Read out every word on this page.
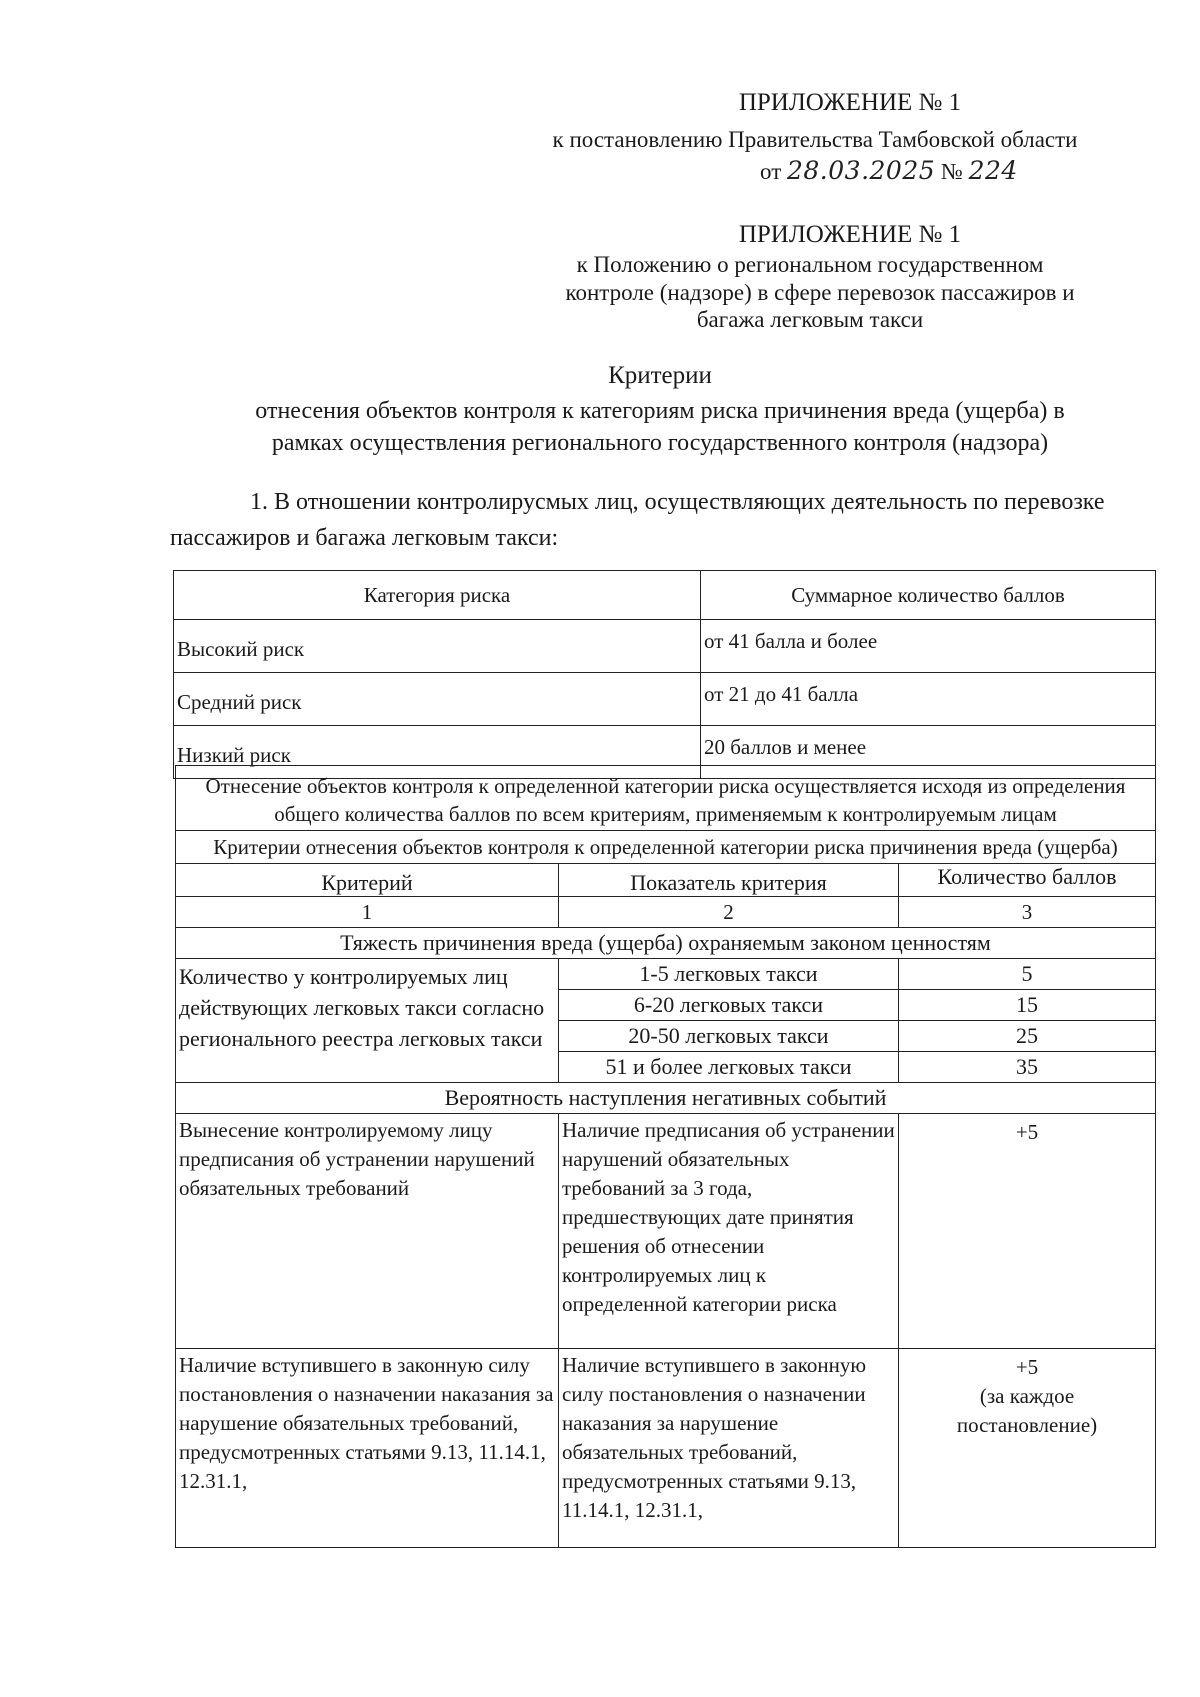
ПРИЛОЖЕНИЕ № 1
к постановлению Правительства Тамбовской области
от 28.03.2025 № 224
ПРИЛОЖЕНИЕ № 1
к Положению о региональном государственном
контроле (надзоре) в сфере перевозок пассажиров и
багажа легковым такси
Критерии
отнесения объектов контроля к категориям риска причинения вреда (ущерба) в
рамках осуществления регионального государственного контроля (надзора)
1. В отношении контролирусмых лиц, осуществляющих деятельность по перевозке пассажиров и багажа легковым такси:
Категория риска	Суммарное количество баллов
Высокий риск	от 41 балла и более
Средний риск	от 21 до 41 балла
Низкий риск	20 баллов и менее
Отнесение объектов контроля к определенной категории риска осуществляется исходя из определения общего количества баллов по всем критериям, применяемым к контролируемым лицам		
Критерии отнесения объектов контроля к определенной категории риска причинения вреда (ущерба)		
Критерий	Показатель критерия	Количество баллов
1	2	3
Тяжесть причинения вреда (ущерба) охраняемым законом ценностям		
Количество у контролируемых лиц действующих легковых такси согласно регионального реестра легковых такси	1-5 легковых такси	5
	6-20 легковых такси	15
	20-50 легковых такси	25
	51 и более легковых такси	35
Вероятность наступления негативных событий		
Вынесение контролируемому лицу предписания об устранении нарушений обязательных требований	Наличие предписания об устранении нарушений обязательных требований за 3 года, предшествующих дате принятия решения об отнесении контролируемых лиц к определенной категории риска	+5
Наличие вступившего в законную силу постановления о назначении наказания за нарушение обязательных требований, предусмотренных статьями 9.13, 11.14.1, 12.31.1,	Наличие вступившего в законную силу постановления о назначении наказания за нарушение обязательных требований, предусмотренных статьями 9.13, 11.14.1, 12.31.1,	+5
(за каждое постановление)
